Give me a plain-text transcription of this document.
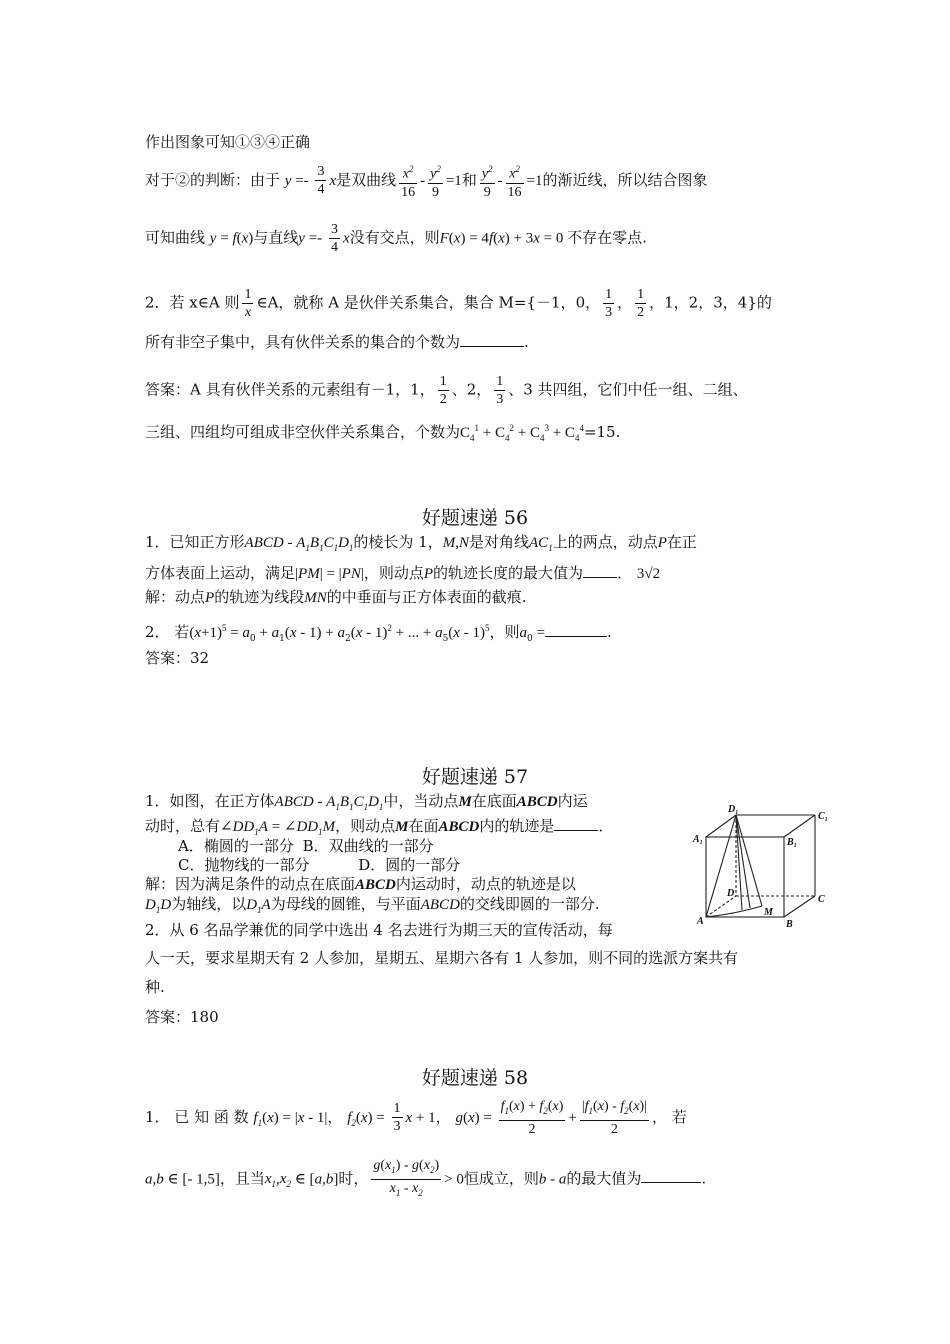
作出图象可知①③④正确
对于②的判断：由于 $y =- \frac{3}{4}$ x是双曲线 $\frac{x^2}{16} - \frac{y^2}{9} =1$和 $\frac{y^2}{9} - \frac{x^2}{16} =1$的渐近线，所以结合图象
可知曲线 y = f(x)与直线$y =- \frac{3}{4}$ x没有交点，则F(x) = 4f(x) + 3x = 0 不存在零点.
2．若 x∈A 则 $\frac{1}{x}$ ∈A，就称 A 是伙伴关系集合，集合 M={－1，0， $\frac{1}{3}$ ， $\frac{1}{2}$ ，1，2，3，4}的
所有非空子集中，具有伙伴关系的集合的个数为	.
答案：A 具有伙伴关系的元素组有－1，1， $\frac{1}{2}$ 、2， $\frac{1}{3}$ 、3 共四组，它们中任一组、二组、
三组、四组均可组成非空伙伴关系集合，个数为$C_4^1 + C_4^2 + C_4^3 + C_4^4=15$.
好题速递 56
1．已知正方形ABCD - $A_1B_1C_1D_1$的棱长为 1，M,N是对角线$AC_1$上的两点，动点P在正
方体表面上运动，满足|PM| = |PN|，则动点P的轨迹长度的最大值为 ． 3√2
解：动点P的轨迹为线段MN的中垂面与正方体表面的截痕.
2． 若$(x+1)^5 = a_0 + a_1(x - 1) + a_2(x - 1)^2$ + ... + $a_5(x - 1)^5$，则$a_0$ =	.
答案：32
好题速递 57
1．如图，在正方体ABCD - $A_1B_1C_1D_1$中，当动点M在底面ABCD内运
动时，总有$\angle DD_1A$ = $\angle DD_1M$，则动点M在面ABCD内的轨迹是	．
A．椭圆的一部分 B．双曲线的一部分
C．抛物线的一部分	D．圆的一部分
解：因为满足条件的动点在底面ABCD内运动时，动点的轨迹是以
$D_1D$为轴线，以$D_1A$为母线的圆锥，与平面ABCD的交线即圆的一部分.
2．从 6 名品学兼优的同学中选出 4 名去进行为期三天的宣传活动，每
人一天，要求星期天有 2 人参加，星期五、星期六各有 1 人参加，则不同的选派方案共有
种.
答案：180
$D_1$	$C_1$
$A_1$	$B_1$
D
C
A	B
M
好题速递 58
1． 已 知 函 数 $f_1(x) = |x - 1|$， $f_2(x) = \frac{1}{3}$ x + 1， $g(x) = \frac{f_1(x) + f_2(x)}{2} + \frac{|f_1(x) - f_2(x)|}{2}$ ， 若
a,b ∈ [- 1,5]，且当$x_1,x_2$ ∈ [a,b]时， $\frac{g(x_1) - g(x_2)}{x_1 - x_2} > 0$恒成立，则b - a的最大值为	.
